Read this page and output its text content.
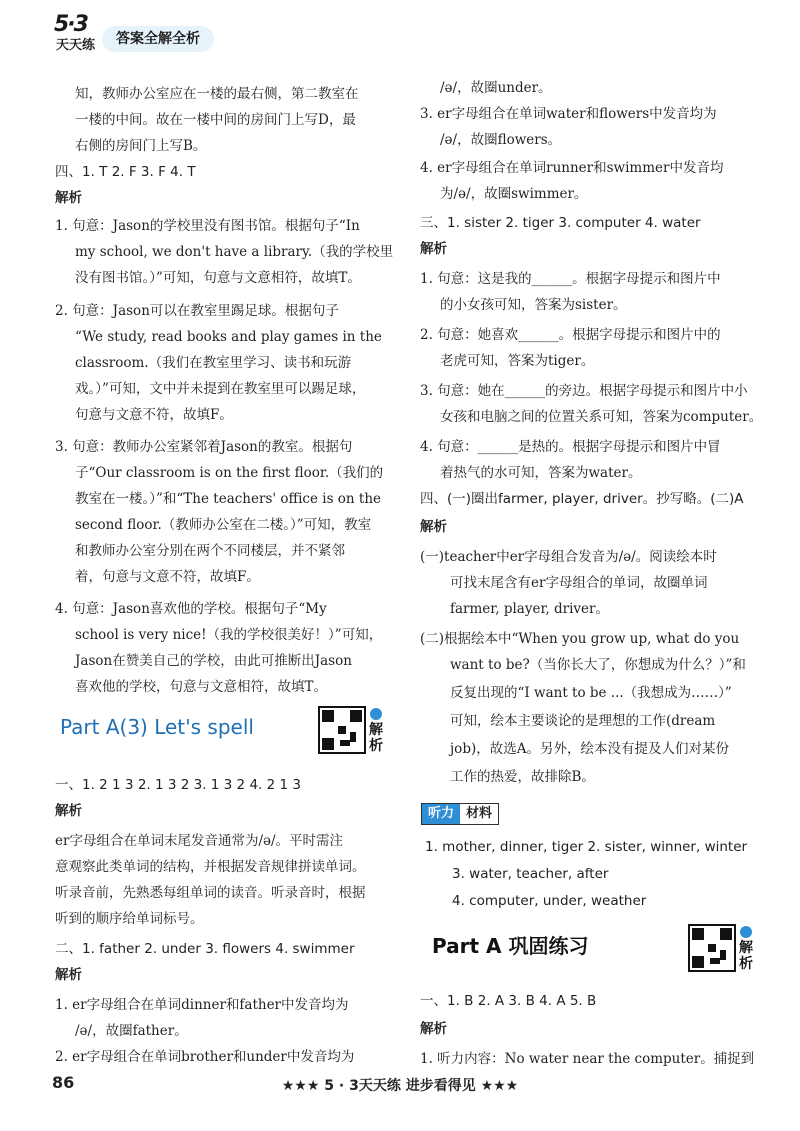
5·3
天天练	答案全解全析
知，教师办公室应在一楼的最右侧，第二教室在
一楼的中间。故在一楼中间的房间门上写D，最
右侧的房间门上写B。
四、1. T 2. F 3. F 4. T
解析
1. 句意：Jason的学校里没有图书馆。根据句子“In
my school, we don't have a library.（我的学校里
没有图书馆。）”可知，句意与文意相符，故填T。
2. 句意：Jason可以在教室里踢足球。根据句子
“We study, read books and play games in the
classroom.（我们在教室里学习、读书和玩游
戏。）”可知，文中并未提到在教室里可以踢足球，
句意与文意不符，故填F。
3. 句意：教师办公室紧邻着Jason的教室。根据句
子“Our classroom is on the first floor.（我们的
教室在一楼。）”和“The teachers' office is on the
second floor.（教师办公室在二楼。）”可知，教室
和教师办公室分别在两个不同楼层，并不紧邻
着，句意与文意不符，故填F。
4. 句意：Jason喜欢他的学校。根据句子“My
school is very nice!（我的学校很美好！）”可知，
Jason在赞美自己的学校，由此可推断出Jason
喜欢他的学校，句意与文意相符，故填T。
一、1. 2 1 3 2. 1 3 2 3. 1 3 2 4. 2 1 3
解析
er字母组合在单词末尾发音通常为/ə/。平时需注
意观察此类单词的结构，并根据发音规律拼读单词。
听录音前，先熟悉每组单词的读音。听录音时，根据
听到的顺序给单词标号。
二、1. father 2. under 3. flowers 4. swimmer
解析
1. er字母组合在单词dinner和father中发音均为
/ə/，故圈father。
2. er字母组合在单词brother和under中发音均为
/ə/，故圈under。
3. er字母组合在单词water和flowers中发音均为
/ə/，故圈flowers。
4. er字母组合在单词runner和swimmer中发音均
为/ə/，故圈swimmer。
三、1. sister 2. tiger 3. computer 4. water
解析
1. 句意：这是我的______。根据字母提示和图片中
的小女孩可知，答案为sister。
2. 句意：她喜欢______。根据字母提示和图片中的
老虎可知，答案为tiger。
3. 句意：她在______的旁边。根据字母提示和图片中小
女孩和电脑之间的位置关系可知，答案为computer。
4. 句意：______是热的。根据字母提示和图片中冒
着热气的水可知，答案为water。
四、(一)圈出farmer, player, driver。抄写略。(二)A
解析
(一)teacher中er字母组合发音为/ə/。阅读绘本时
可找末尾含有er字母组合的单词，故圈单词
farmer, player, driver。
(二)根据绘本中“When you grow up, what do you
want to be?（当你长大了，你想成为什么？）”和
反复出现的“I want to be ...（我想成为……）”
可知，绘本主要谈论的是理想的工作(dream
job)，故选A。另外，绘本没有提及人们对某份
工作的热爱，故排除B。
1. mother, dinner, tiger 2. sister, winner, winter
3. water, teacher, after
4. computer, under, weather
一、1. B 2. A 3. B 4. A 5. B
解析
1. 听力内容：No water near the computer。捕捉到
Part A(3) Let's spell	解析
听力 材料
Part A 巩固练习	解析
86	★★★ 5 · 3天天练 进步看得见 ★★★
